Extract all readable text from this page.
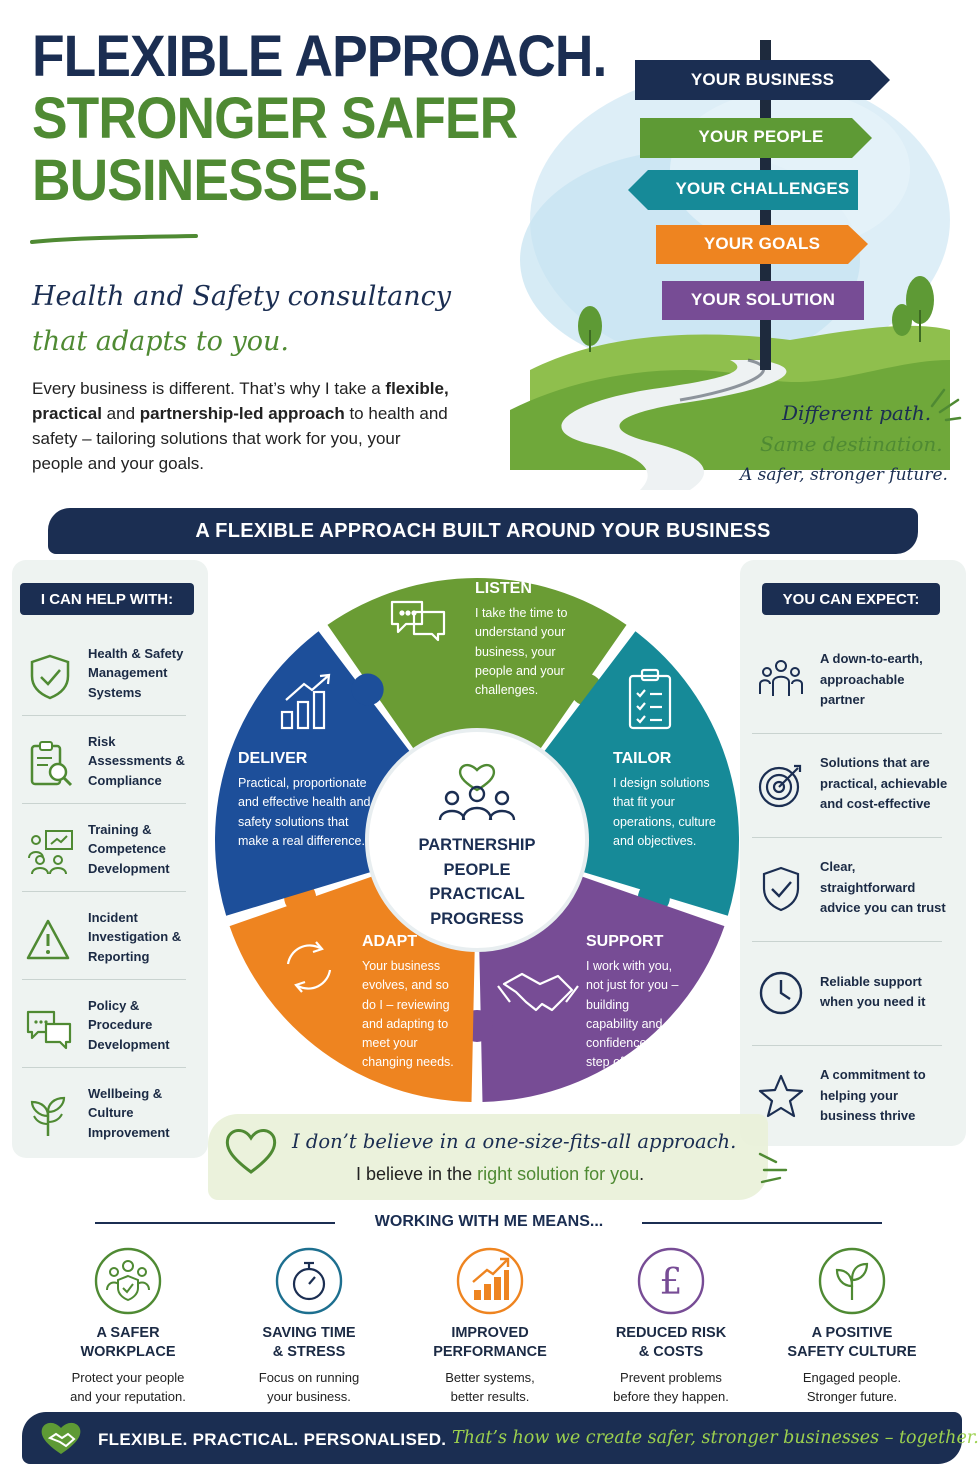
FLEXIBLE APPROACH.
STRONGER SAFER
BUSINESSES.
Health and Safety consultancy
that adapts to you.
Every business is different. That’s why I take a flexible, practical and partnership-led approach to health and safety – tailoring solutions that work for you, your people and your goals.
YOUR BUSINESS
YOUR PEOPLE
YOUR CHALLENGES
YOUR GOALS
YOUR SOLUTION
Different path.
Same destination.
A safer, stronger future.
A FLEXIBLE APPROACH BUILT AROUND YOUR BUSINESS
I CAN HELP WITH:
Health & Safety Management Systems
Risk Assessments & Compliance
Training & Competence Development
Incident Investigation & Reporting
Policy & Procedure Development
Wellbeing & Culture Improvement
YOU CAN EXPECT:
A down-to-earth, approachable partner
Solutions that are practical, achievable and cost-effective
Clear, straightforward advice you can trust
Reliable support when you need it
A commitment to helping your business thrive
LISTEN
I take the time to understand your business, your people and your challenges.
TAILOR
I design solutions that fit your operations, culture and objectives.
SUPPORT
I work with you, not just for you – building capability and confidence every step of the way.
ADAPT
Your business evolves, and so do I – reviewing and adapting to meet your changing needs.
DELIVER
Practical, proportionate and effective health and safety solutions that make a real difference.	PARTNERSHIP
PEOPLE
PRACTICAL
PROGRESS
I don’t believe in a one-size-fits-all approach.
I believe in the right solution for you.
WORKING WITH ME MEANS...
£
A SAFER
WORKPLACE
Protect your people
and your reputation.
SAVING TIME
& STRESS
Focus on running
your business.
IMPROVED
PERFORMANCE
Better systems,
better results.
REDUCED RISK
& COSTS
Prevent problems
before they happen.
A POSITIVE
SAFETY CULTURE
Engaged people.
Stronger future.
FLEXIBLE. PRACTICAL. PERSONALISED. That’s how we create safer, stronger businesses – together.
